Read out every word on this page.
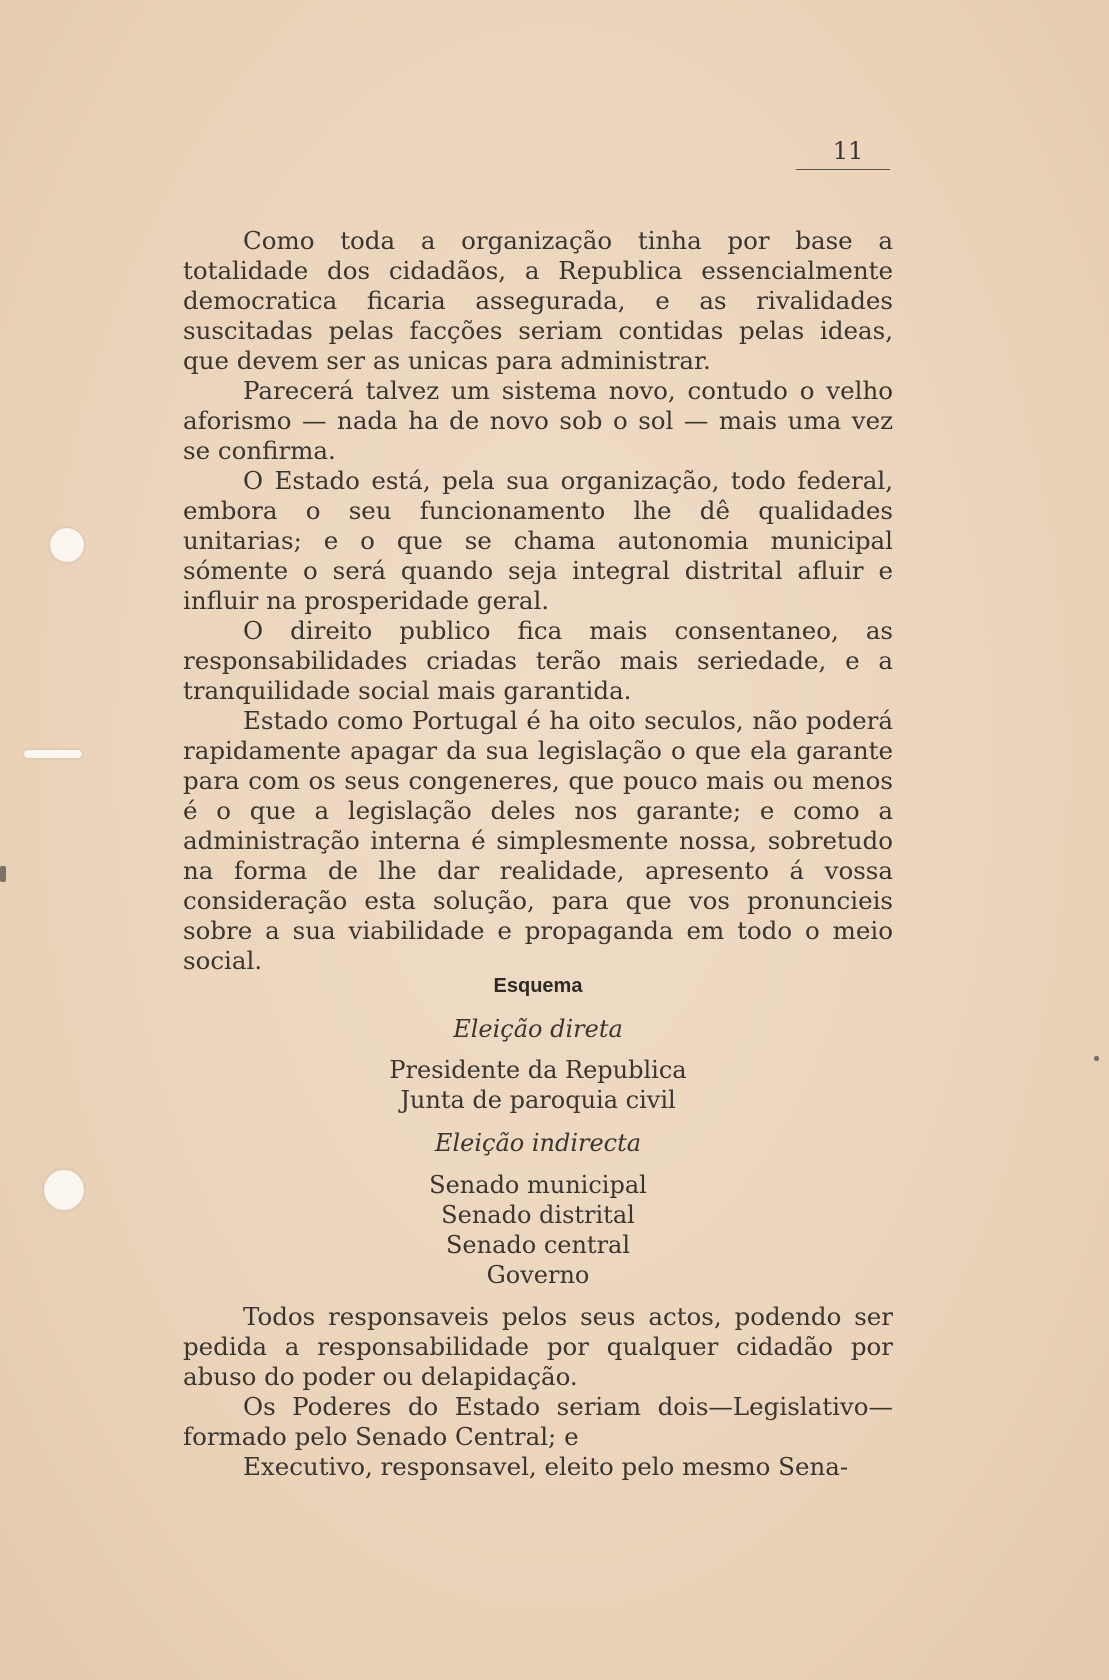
11

Como toda a organização tinha por base a totalidade dos cidadãos, a Republica essencialmente democratica ficaria assegurada, e as rivalidades suscitadas pelas facções seriam contidas pelas ideas, que devem ser as unicas para administrar.

Parecerá talvez um sistema novo, contudo o velho aforismo — nada ha de novo sob o sol — mais uma vez se confirma.

O Estado está, pela sua organização, todo federal, embora o seu funcionamento lhe dê qualidades unitarias; e o que se chama autonomia municipal sómente o será quando seja integral distrital afluir e influir na prosperidade geral.

O direito publico fica mais consentaneo, as responsabilidades criadas terão mais seriedade, e a tranquilidade social mais garantida.

Estado como Portugal é ha oito seculos, não poderá rapidamente apagar da sua legislação o que ela garante para com os seus congeneres, que pouco mais ou menos é o que a legislação deles nos garante; e como a administração interna é simplesmente nossa, sobretudo na forma de lhe dar realidade, apresento á vossa consideração esta solução, para que vos pronuncieis sobre a sua viabilidade e propaganda em todo o meio social.

Esquema
Eleição direta
Presidente da Republica
Junta de paroquia civil
Eleição indirecta
Senado municipal
Senado distrital
Senado central
Governo

Todos responsaveis pelos seus actos, podendo ser pedida a responsabilidade por qualquer cidadão por abuso do poder ou delapidação.

Os Poderes do Estado seriam dois—Legislativo— formado pelo Senado Central; e

Executivo, responsavel, eleito pelo mesmo Sena-
